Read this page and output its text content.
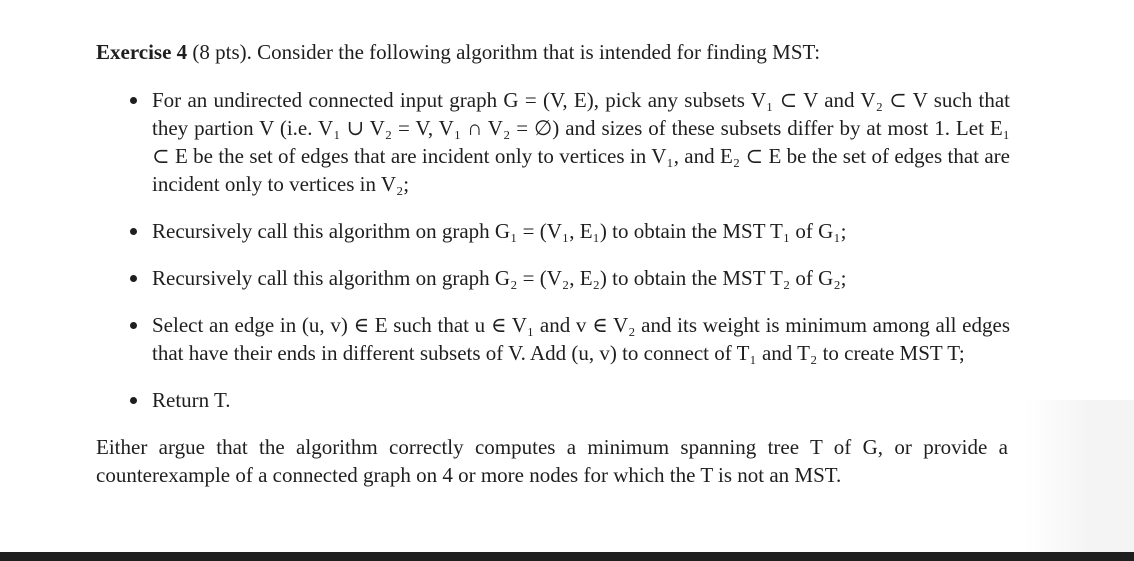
Exercise 4 (8 pts). Consider the following algorithm that is intended for finding MST:

For an undirected connected input graph G = (V, E), pick any subsets V₁ ⊂ V and V₂ ⊂ V such that they partion V (i.e. V₁ ∪ V₂ = V, V₁ ∩ V₂ = ∅) and sizes of these subsets differ by at most 1. Let E₁ ⊂ E be the set of edges that are incident only to vertices in V₁, and E₂ ⊂ E be the set of edges that are incident only to vertices in V₂;
Recursively call this algorithm on graph G₁ = (V₁, E₁) to obtain the MST T₁ of G₁;
Recursively call this algorithm on graph G₂ = (V₂, E₂) to obtain the MST T₂ of G₂;
Select an edge in (u, v) ∈ E such that u ∈ V₁ and v ∈ V₂ and its weight is minimum among all edges that have their ends in different subsets of V. Add (u, v) to connect of T₁ and T₂ to create MST T;
Return T.

Either argue that the algorithm correctly computes a minimum spanning tree T of G, or provide a counterexample of a connected graph on 4 or more nodes for which the T is not an MST.
